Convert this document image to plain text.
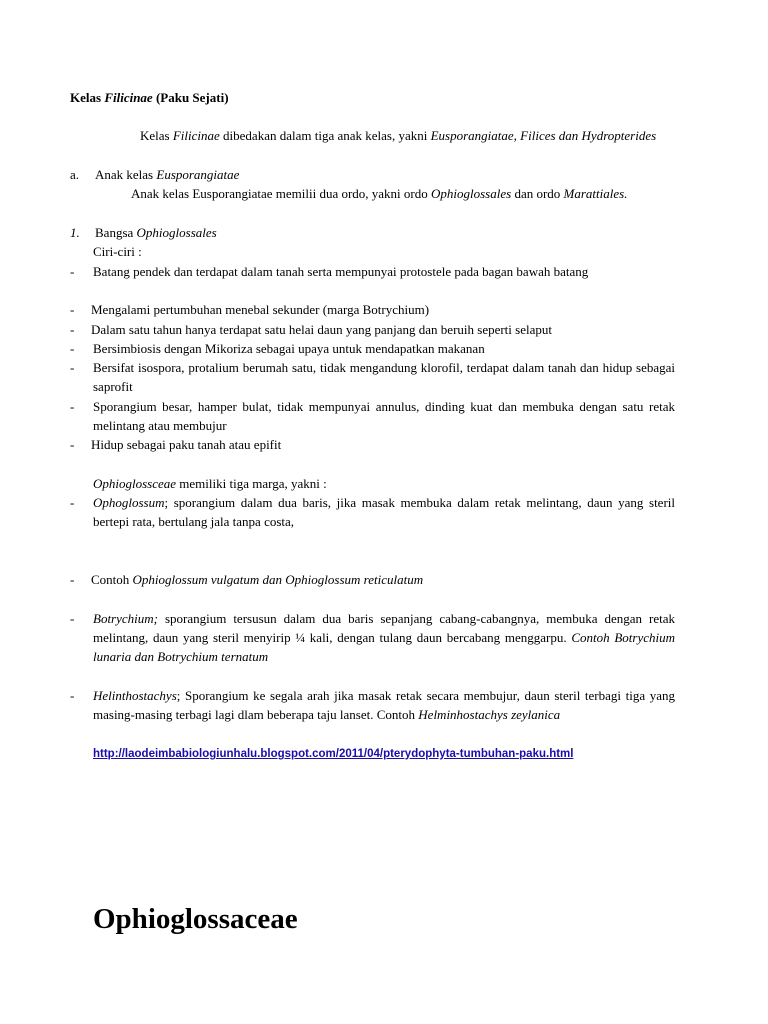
Kelas Filicinae (Paku Sejati)
Kelas Filicinae dibedakan dalam tiga anak kelas, yakni Eusporangiatae, Filices dan Hydropterides
a. Anak kelas Eusporangiatae
Anak kelas Eusporangiatae memilii dua ordo, yakni ordo Ophioglossales dan ordo Marattiales.
1. Bangsa Ophioglossales
Ciri-ciri :
- Batang pendek dan terdapat dalam tanah serta mempunyai protostele pada bagan bawah batang
- Mengalami pertumbuhan menebal sekunder (marga Botrychium)
- Dalam satu tahun hanya terdapat satu helai daun yang panjang dan beruih seperti selaput
- Bersimbiosis dengan Mikoriza sebagai upaya untuk mendapatkan makanan
- Bersifat isospora, protalium berumah satu, tidak mengandung klorofil, terdapat dalam tanah dan hidup sebagai saprofit
- Sporangium besar, hamper bulat, tidak mempunyai annulus, dinding kuat dan membuka dengan satu retak melintang atau membujur
- Hidup sebagai paku tanah atau epifit
Ophioglossceae memiliki tiga marga, yakni :
- Ophoglossum; sporangium dalam dua baris, jika masak membuka dalam retak melintang, daun yang steril bertepi rata, bertulang jala tanpa costa,
- Contoh Ophioglossum vulgatum dan Ophioglossum reticulatum
- Botrychium; sporangium tersusun dalam dua baris sepanjang cabang-cabangnya, membuka dengan retak melintang, daun yang steril menyirip ¼ kali, dengan tulang daun bercabang menggarpu. Contoh Botrychium lunaria dan Botrychium ternatum
- Helinthostachys; Sporangium ke segala arah jika masak retak secara membujur, daun steril terbagi tiga yang masing-masing terbagi lagi dlam beberapa taju lanset. Contoh Helminhostachys zeylanica
http://laodeimbabiologiunhalu.blogspot.com/2011/04/pterydophyta-tumbuhan-paku.html
Ophioglossaceae
